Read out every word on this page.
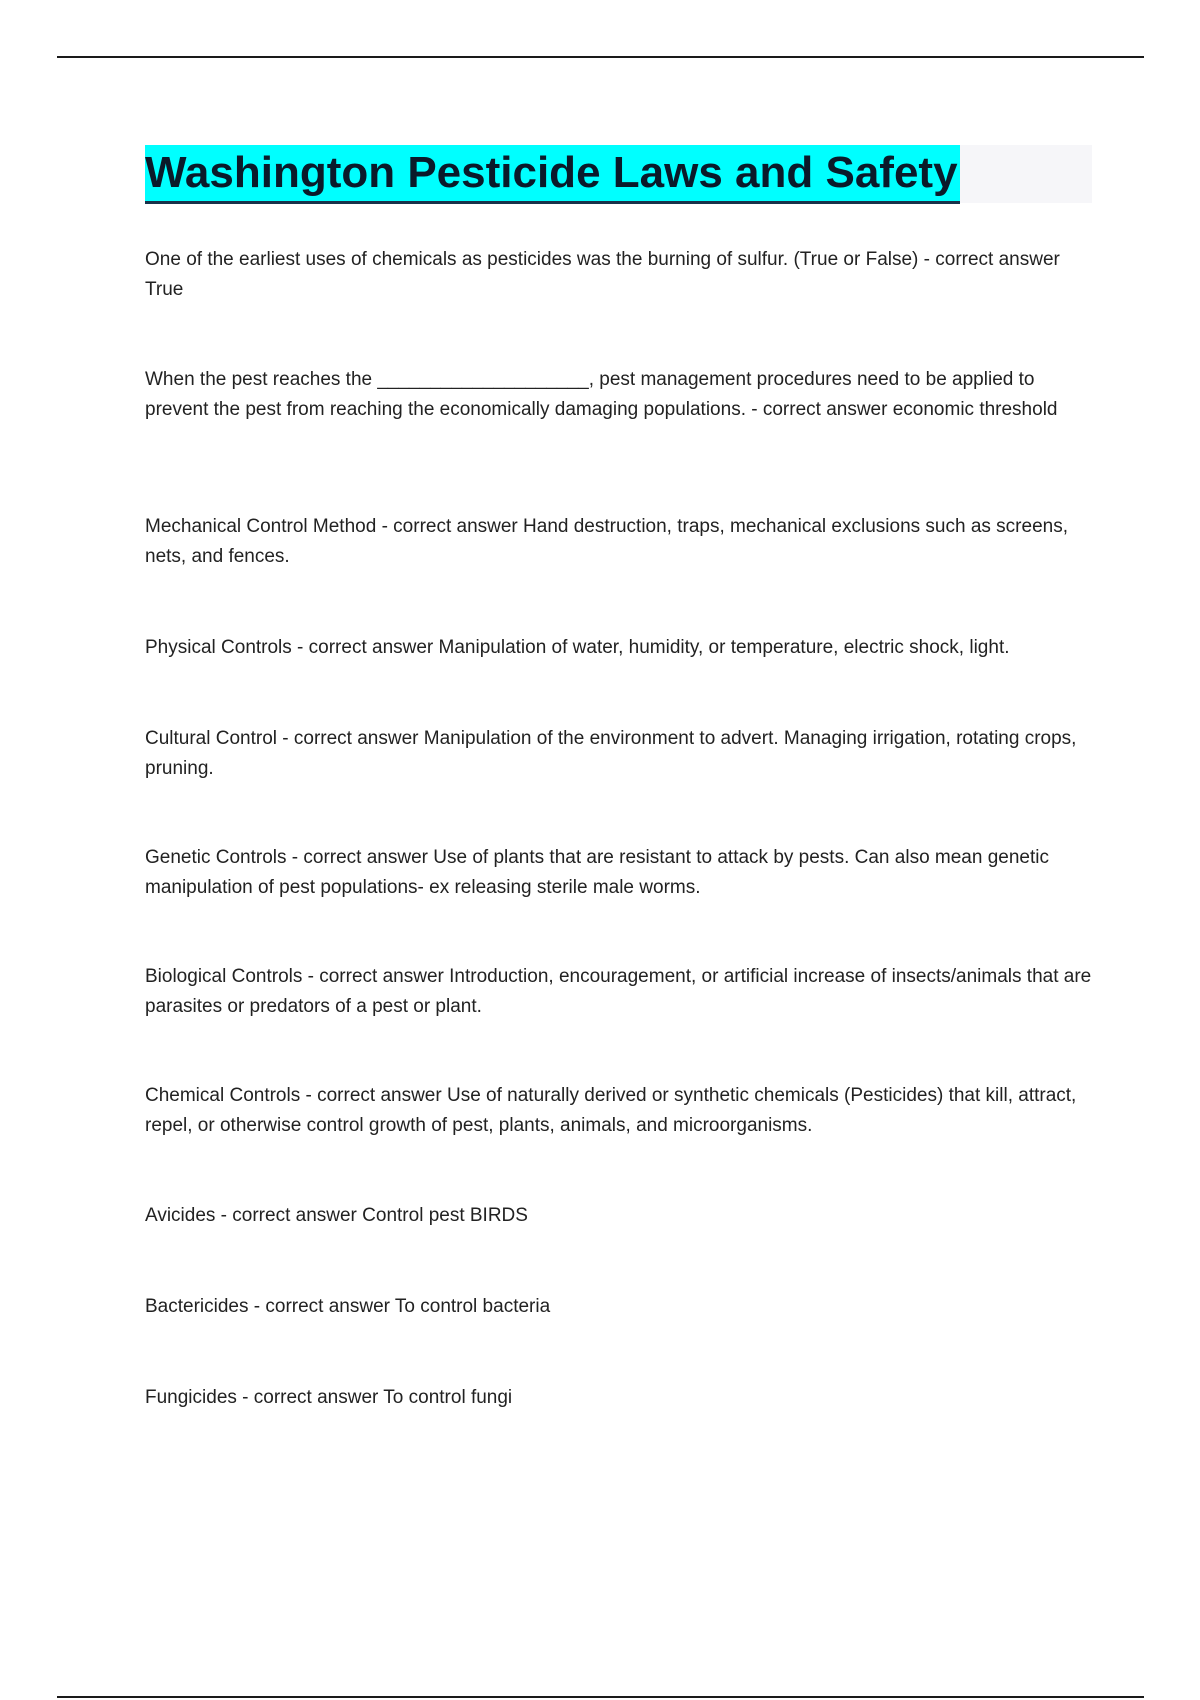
Washington Pesticide Laws and Safety

One of the earliest uses of chemicals as pesticides was the burning of sulfur. (True or False) - correct answer True

When the pest reaches the ____________________, pest management procedures need to be applied to prevent the pest from reaching the economically damaging populations. - correct answer economic threshold

Mechanical Control Method - correct answer Hand destruction, traps, mechanical exclusions such as screens, nets, and fences.

Physical Controls - correct answer Manipulation of water, humidity, or temperature, electric shock, light.

Cultural Control - correct answer Manipulation of the environment to advert. Managing irrigation, rotating crops, pruning.

Genetic Controls - correct answer Use of plants that are resistant to attack by pests. Can also mean genetic manipulation of pest populations- ex releasing sterile male worms.

Biological Controls - correct answer Introduction, encouragement, or artificial increase of insects/animals that are parasites or predators of a pest or plant.

Chemical Controls - correct answer Use of naturally derived or synthetic chemicals (Pesticides) that kill, attract, repel, or otherwise control growth of pest, plants, animals, and microorganisms.

Avicides - correct answer Control pest BIRDS

Bactericides - correct answer To control bacteria

Fungicides - correct answer To control fungi
